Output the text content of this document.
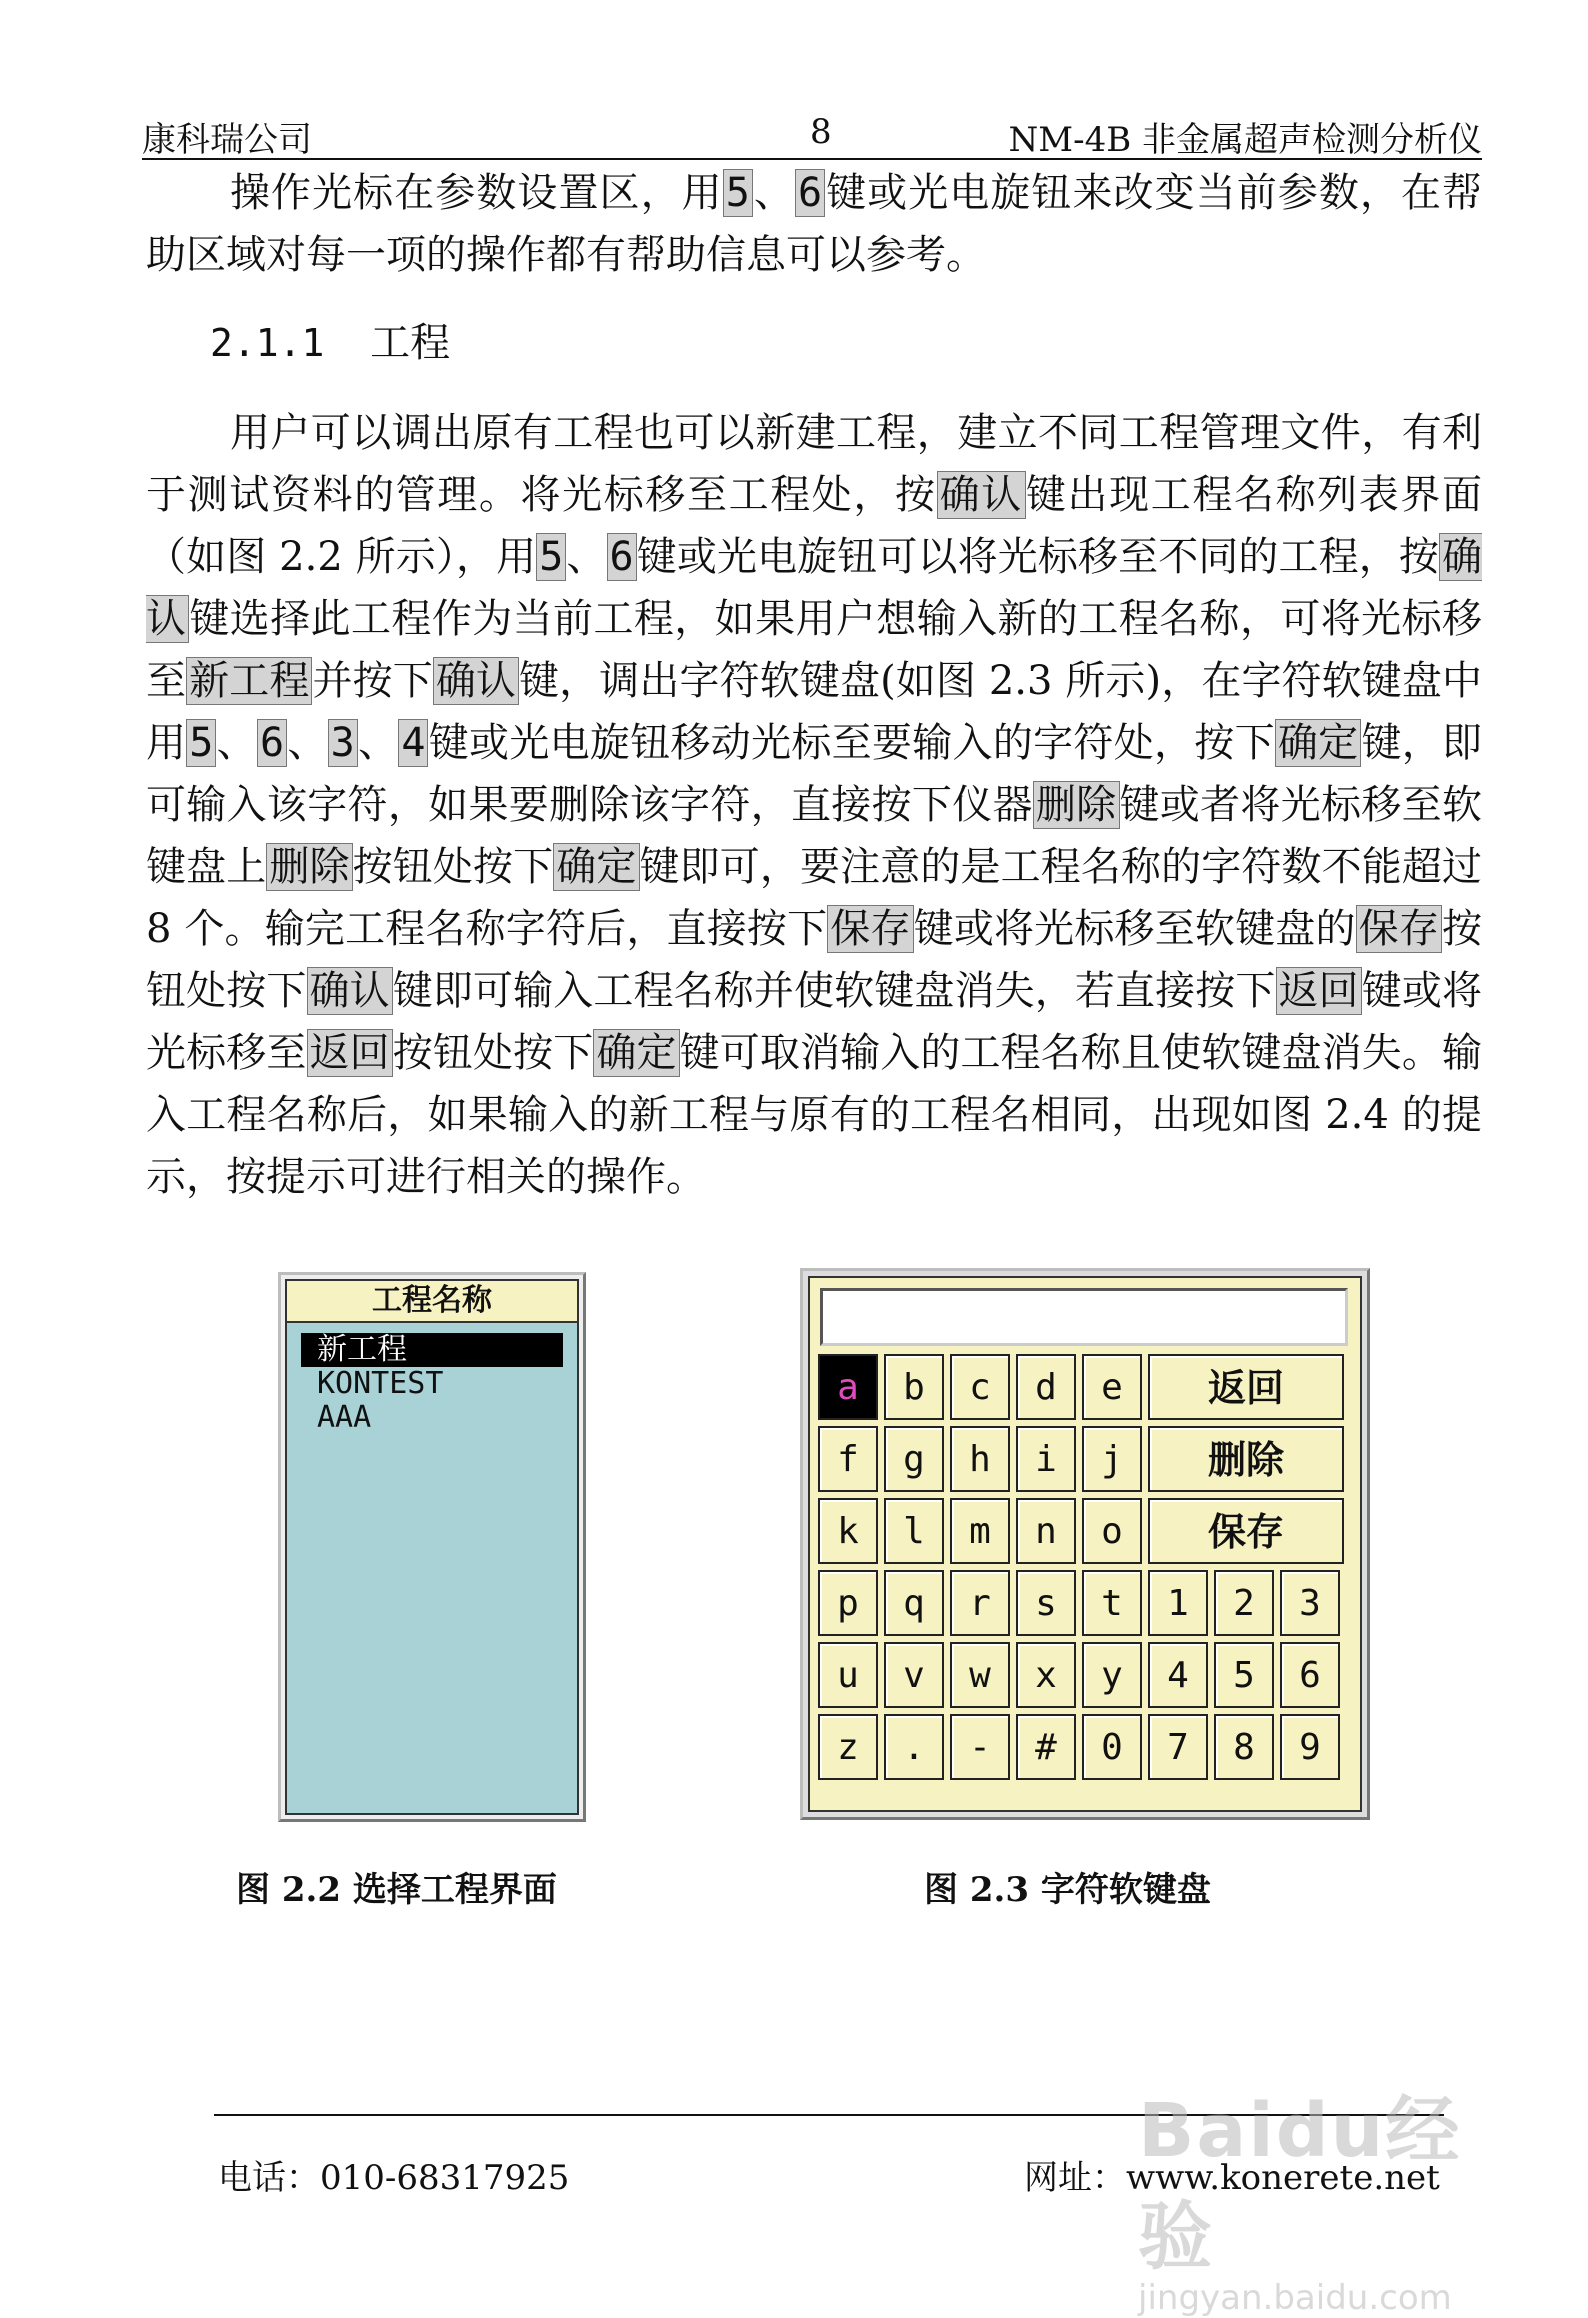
康科瑞公司	8	NM-4B 非金属超声检测分析仪

操作光标在参数设置区，用5、6键或光电旋钮来改变当前参数，在帮助区域对每一项的操作都有帮助信息可以参考。

2.1.1 工程

用户可以调出原有工程也可以新建工程，建立不同工程管理文件，有利于测试资料的管理。将光标移至工程处，按确认键出现工程名称列表界面（如图 2.2 所示），用5、6键或光电旋钮可以将光标移至不同的工程，按确认键选择此工程作为当前工程，如果用户想输入新的工程名称，可将光标移至新工程并按下确认键，调出字符软键盘(如图 2.3 所示)，在字符软键盘中用5、6、3、4键或光电旋钮移动光标至要输入的字符处，按下确定键，即可输入该字符，如果要删除该字符，直接按下仪器删除键或者将光标移至软键盘上删除按钮处按下确定键即可，要注意的是工程名称的字符数不能超过 8 个。输完工程名称字符后，直接按下保存键或将光标移至软键盘的保存按钮处按下确认键即可输入工程名称并使软键盘消失，若直接按下返回键或将光标移至返回按钮处按下确定键可取消输入的工程名称且使软键盘消失。输入工程名称后，如果输入的新工程与原有的工程名相同，出现如图 2.4 的提示，按提示可进行相关的操作。

工程名称
新工程
KONTEST
AAA
a	b	c	d	e	返回
f	g	h	i	j	删除
k	l	m	n	o	保存
p	q	r	s	t	1	2	3
u	v	w	x	y	4	5	6
z	.	-	#	0	7	8	9
图 2.2 选择工程界面	图 2.3 字符软键盘
电话：010-68317925	网址：www.konerete.net
Baidu经验
jingyan.baidu.com
